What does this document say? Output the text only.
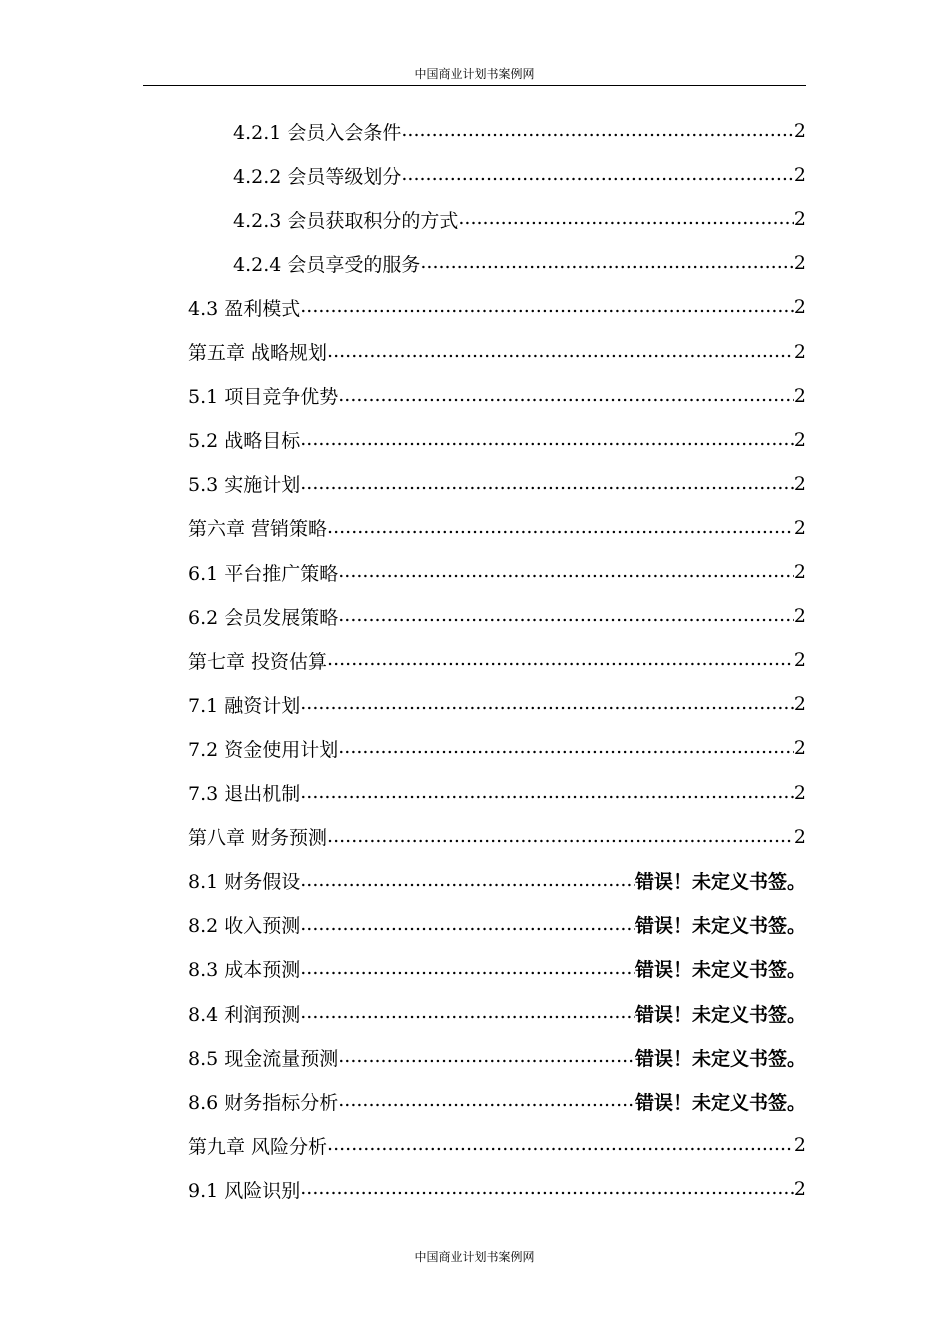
中国商业计划书案例网
4.2.1 会员入会条件 .....	2
4.2.2 会员等级划分 .....	2
4.2.3 会员获取积分的方式 .....	2
4.2.4 会员享受的服务 .....	2
4.3 盈利模式 .....	2
第五章 战略规划 .....	2
5.1 项目竞争优势 .....	2
5.2 战略目标 .....	2
5.3 实施计划 .....	2
第六章 营销策略 .....	2
6.1 平台推广策略 .....	2
6.2 会员发展策略 .....	2
第七章 投资估算 .....	2
7.1 融资计划 .....	2
7.2 资金使用计划 .....	2
7.3 退出机制 .....	2
第八章 财务预测 .....	2
8.1 财务假设 .....	错误！未定义书签。
8.2 收入预测 .....	错误！未定义书签。
8.3 成本预测 .....	错误！未定义书签。
8.4 利润预测 .....	错误！未定义书签。
8.5 现金流量预测 .....	错误！未定义书签。
8.6 财务指标分析 .....	错误！未定义书签。
第九章 风险分析 .....	2
9.1 风险识别 .....	2
中国商业计划书案例网
